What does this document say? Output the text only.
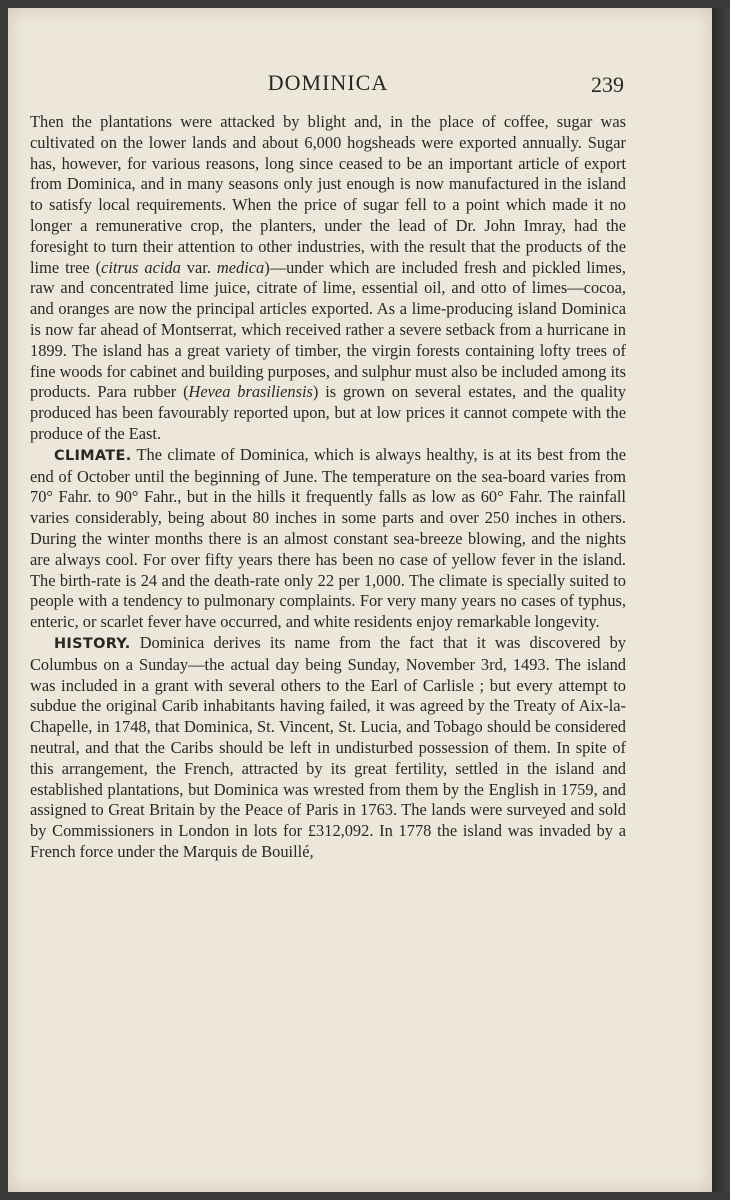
DOMINICA	239

Then the plantations were attacked by blight and, in the place of coffee, sugar was cultivated on the lower lands and about 6,000 hogsheads were exported annually. Sugar has, however, for various reasons, long since ceased to be an important article of export from Dominica, and in many seasons only just enough is now manufactured in the island to satisfy local requirements. When the price of sugar fell to a point which made it no longer a remunerative crop, the planters, under the lead of Dr. John Imray, had the foresight to turn their attention to other industries, with the result that the products of the lime tree (citrus acida var. medica)—under which are included fresh and pickled limes, raw and concentrated lime juice, citrate of lime, essential oil, and otto of limes—cocoa, and oranges are now the principal articles exported. As a lime-producing island Dominica is now far ahead of Montserrat, which received rather a severe setback from a hurricane in 1899. The island has a great variety of timber, the virgin forests containing lofty trees of fine woods for cabinet and building purposes, and sulphur must also be included among its products. Para rubber (Hevea brasiliensis) is grown on several estates, and the quality produced has been favourably reported upon, but at low prices it cannot compete with the produce of the East.

CLIMATE. The climate of Dominica, which is always healthy, is at its best from the end of October until the beginning of June. The temperature on the sea-board varies from 70° Fahr. to 90° Fahr., but in the hills it frequently falls as low as 60° Fahr. The rainfall varies considerably, being about 80 inches in some parts and over 250 inches in others. During the winter months there is an almost constant sea-breeze blowing, and the nights are always cool. For over fifty years there has been no case of yellow fever in the island. The birth-rate is 24 and the death-rate only 22 per 1,000. The climate is specially suited to people with a tendency to pulmonary complaints. For very many years no cases of typhus, enteric, or scarlet fever have occurred, and white residents enjoy remarkable longevity.

HISTORY. Dominica derives its name from the fact that it was discovered by Columbus on a Sunday—the actual day being Sunday, November 3rd, 1493. The island was included in a grant with several others to the Earl of Carlisle ; but every attempt to subdue the original Carib inhabitants having failed, it was agreed by the Treaty of Aix-la-Chapelle, in 1748, that Dominica, St. Vincent, St. Lucia, and Tobago should be considered neutral, and that the Caribs should be left in undisturbed possession of them. In spite of this arrangement, the French, attracted by its great fertility, settled in the island and established plantations, but Dominica was wrested from them by the English in 1759, and assigned to Great Britain by the Peace of Paris in 1763. The lands were surveyed and sold by Commissioners in London in lots for £312,092. In 1778 the island was invaded by a French force under the Marquis de Bouillé,
